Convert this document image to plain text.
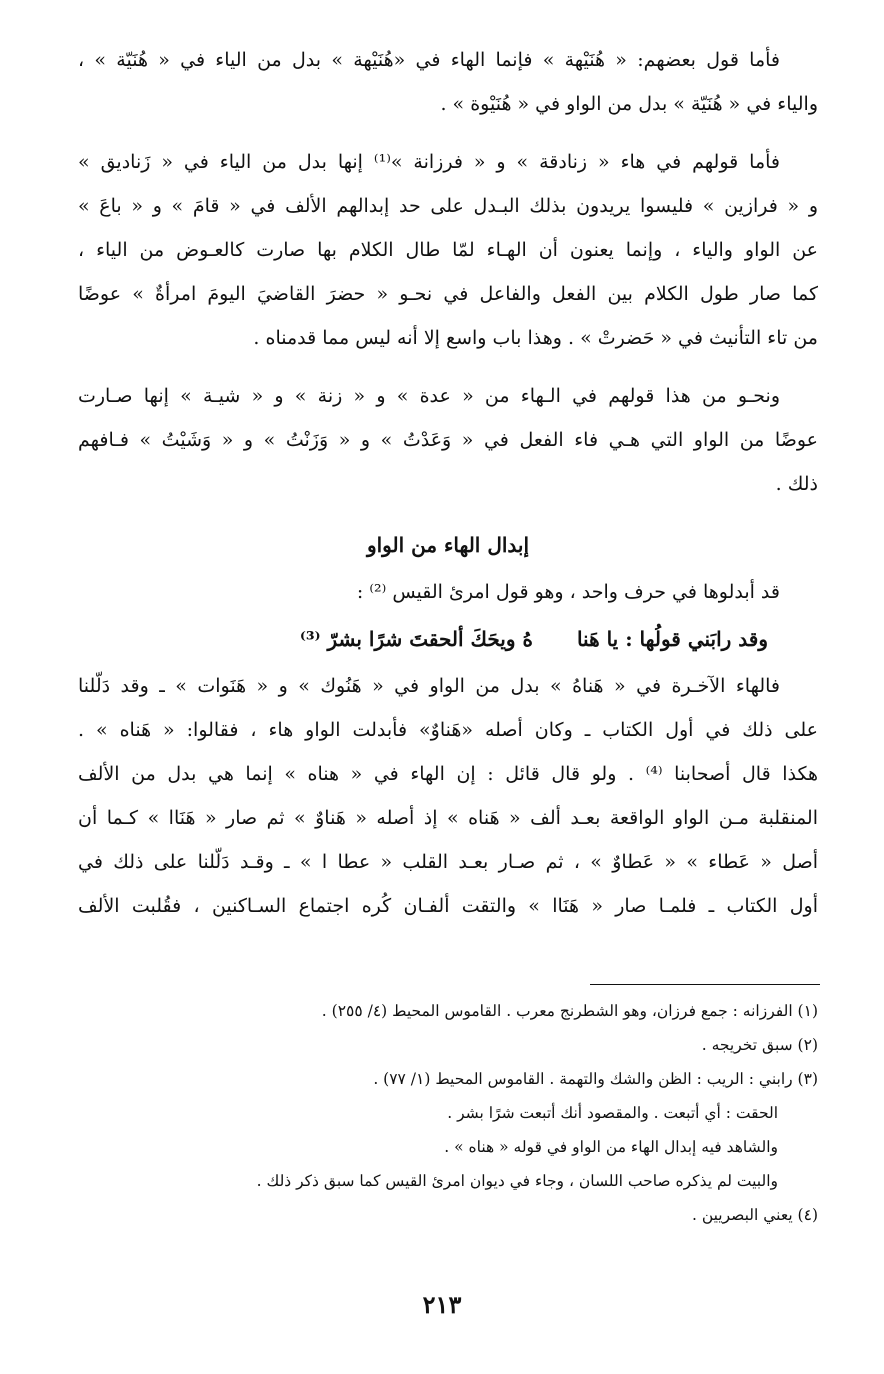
فأما قول بعضهم: « هُنَيْهة » فإنما الهاء في «هُنَيْهة » بدل من الياء في « هُنَيّة » ،
والياء في « هُنَيّة » بدل من الواو في « هُنَيْوة » .
فأما قولهم في هاء « زنادقة » و « فرزانة »⁽¹⁾ إنها بدل من الياء في « زَناديق »
و « فرازين » فليسوا يريدون بذلك البـدل على حد إبدالهم الألف في « قامَ » و « باعَ »
عن الواو والياء ، وإنما يعنون أن الهـاء لمّا طال الكلام بها صارت كالعـوض من الياء ،
كما صار طول الكلام بين الفعل والفاعل في نحـو « حضرَ القاضيَ اليومَ امرأةٌ » عوضًا
من تاء التأنيث في « حَضرتْ » . وهذا باب واسع إلا أنه ليس مما قدمناه .
ونحـو من هذا قولهم في الـهاء من « عدة » و « زنة » و « شيـة » إنها صـارت
عوضًا من الواو التي هـي فاء الفعل في « وَعَدْتُ » و « وَزَنْتُ » و « وَشَيْتُ » فـافهم
ذلك .
إبدال الهاء من الواو
قد أبدلوها في حرف واحد ، وهو قول امرئ القيس ⁽²⁾ :
وقد رابَني قولُها : يا هَناهُ ويحَكَ ألحقتَ شرًا بشرّ ⁽³⁾
فالهاء الآخـرة في « هَناهُ » بدل من الواو في « هَنُوك » و « هَنَوات » ـ وقد دَلّلنا
على ذلك في أول الكتاب ـ وكان أصله «هَناوٌ» فأبدلت الواو هاء ، فقالوا: « هَناه » .
هكذا قال أصحابنا ⁽⁴⁾ . ولو قال قائل : إن الهاء في « هناه » إنما هي بدل من الألف
المنقلبة مـن الواو الواقعة بعـد ألف « هَناه » إذ أصله « هَناوٌ » ثم صار « هَنَاا » كـما أن
أصل « عَطاء » « عَطاوٌ » ، ثم صـار بعـد القلب « عطا ا » ـ وقـد دَلّلنا على ذلك في
أول الكتاب ـ فلمـا صار « هَنَاا » والتقت ألفـان كُره اجتماع السـاكنين ، فقُلبت الألف
(١) الفرزانه : جمع فرزان، وهو الشطرنج معرب . القاموس المحيط (٤/ ٢٥٥) .
(٢) سبق تخريجه .
(٣) رابني : الريب : الظن والشك والتهمة . القاموس المحيط (١/ ٧٧) .
الحقت : أي أتبعت . والمقصود أنك أتبعت شرًا بشر .
والشاهد فيه إبدال الهاء من الواو في قوله « هناه » .
والبيت لم يذكره صاحب اللسان ، وجاء في ديوان امرئ القيس كما سبق ذكر ذلك .
(٤) يعني البصريين .
٢١٣
